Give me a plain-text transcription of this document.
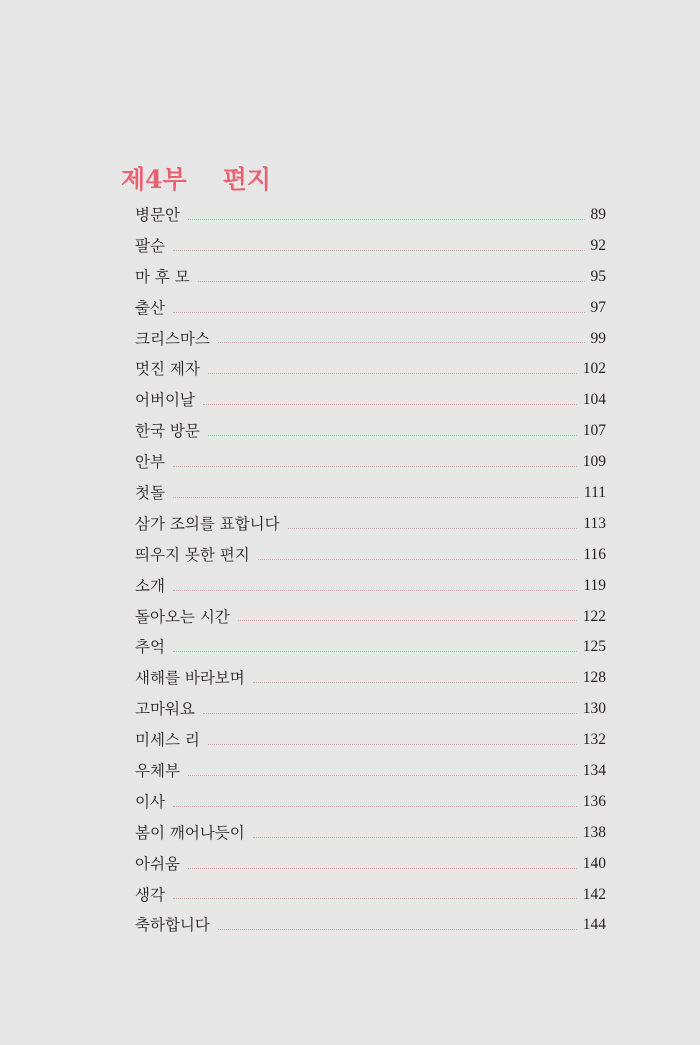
제4부 편지
병문안	89
팔순	92
마 후 모	95
출산	97
크리스마스	99
멋진 제자	102
어버이날	104
한국 방문	107
안부	109
첫돌	111
삼가 조의를 표합니다	113
띄우지 못한 편지	116
소개	119
돌아오는 시간	122
추억	125
새해를 바라보며	128
고마워요	130
미세스 리	132
우체부	134
이사	136
봄이 깨어나듯이	138
아쉬움	140
생각	142
축하합니다	144
